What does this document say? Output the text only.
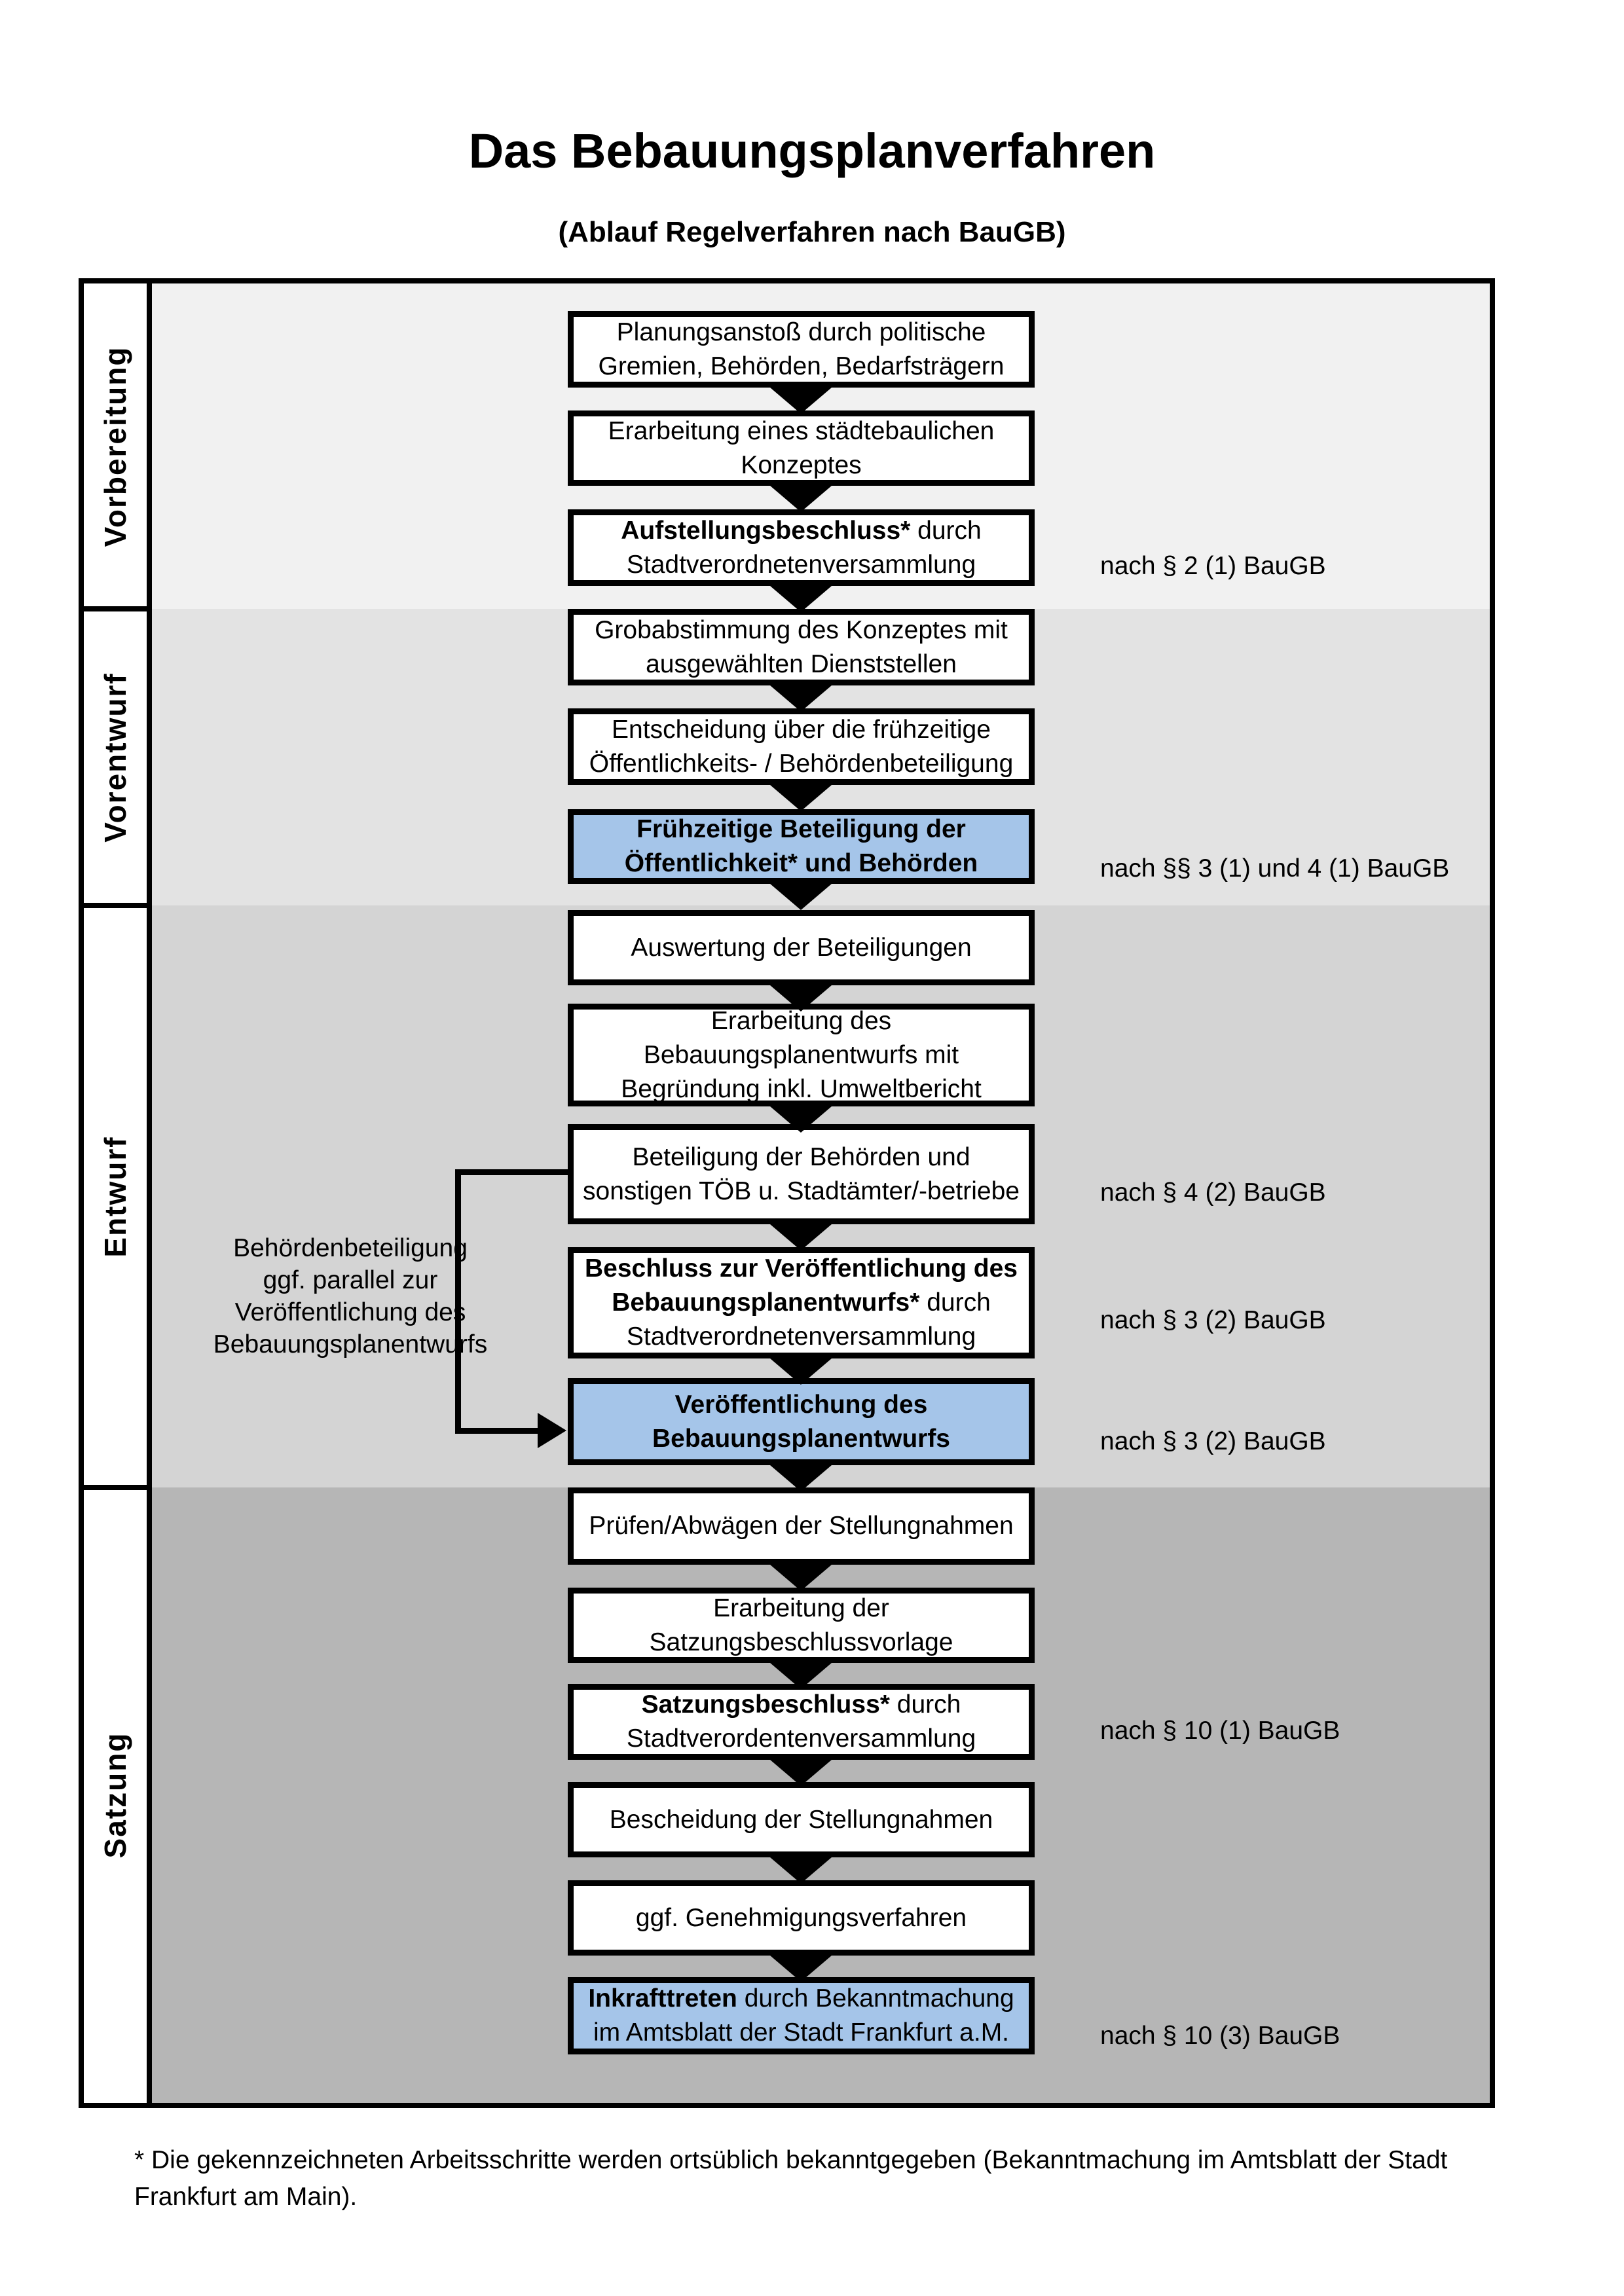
Das Bebauungsplanverfahren
(Ablauf Regelverfahren nach BauGB)
Vorbereitung
Vorentwurf
Entwurf
Satzung
Behördenbeteiligung
ggf. parallel zur
Veröffentlichung des
Bebauungsplanentwurfs
Planungsanstoß durch politische
Gremien, Behörden, Bedarfsträgern
Erarbeitung eines städtebaulichen
Konzeptes
Aufstellungsbeschluss* durch
Stadtverordnetenversammlung
Grobabstimmung des Konzeptes mit
ausgewählten Dienststellen
Entscheidung über die frühzeitige
Öffentlichkeits- / Behördenbeteiligung
Frühzeitige Beteiligung der
Öffentlichkeit* und Behörden
Auswertung der Beteiligungen
Erarbeitung des
Bebauungsplanentwurfs mit
Begründung inkl. Umweltbericht
Beteiligung der Behörden und
sonstigen TÖB u. Stadtämter/-betriebe
Beschluss zur Veröffentlichung des
Bebauungsplanentwurfs* durch
Stadtverordnetenversammlung
Veröffentlichung des
Bebauungsplanentwurfs
Prüfen/Abwägen der Stellungnahmen
Erarbeitung der
Satzungsbeschlussvorlage
Satzungsbeschluss* durch
Stadtverordentenversammlung
Bescheidung der Stellungnahmen
ggf. Genehmigungsverfahren
Inkrafttreten durch Bekanntmachung
im Amtsblatt der Stadt Frankfurt a.M.
nach § 2 (1) BauGB
nach §§ 3 (1) und 4 (1) BauGB
nach § 4 (2) BauGB
nach § 3 (2) BauGB
nach § 3 (2) BauGB
nach § 10 (1) BauGB
nach § 10 (3) BauGB
* Die gekennzeichneten Arbeitsschritte werden ortsüblich bekanntgegeben (Bekanntmachung im Amtsblatt der Stadt
Frankfurt am Main).
